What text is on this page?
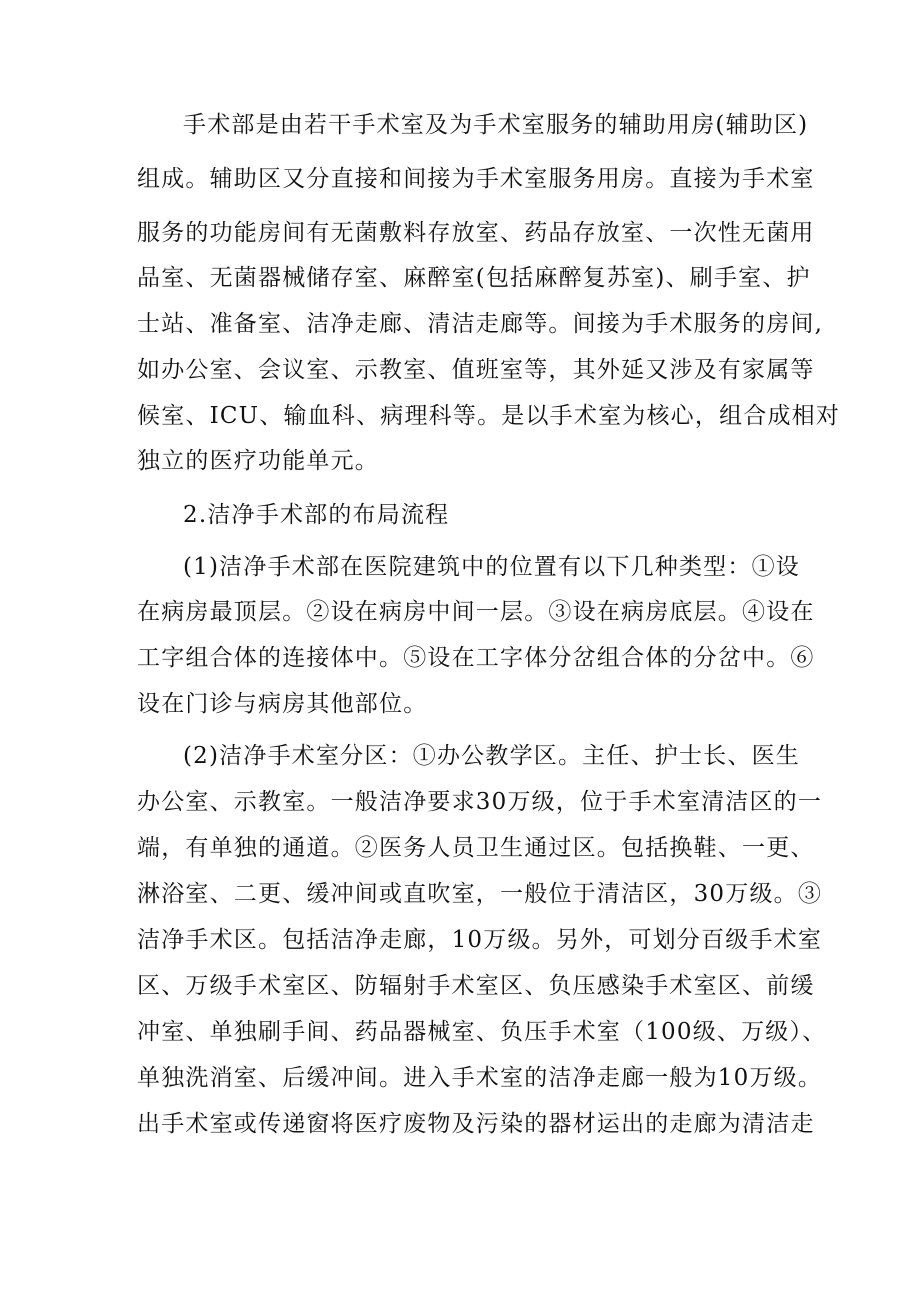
手术部是由若干手术室及为手术室服务的辅助用房(辅助区)
组成。辅助区又分直接和间接为手术室服务用房。直接为手术室
服务的功能房间有无菌敷料存放室、药品存放室、一次性无菌用
品室、无菌器械储存室、麻醉室(包括麻醉复苏室)、刷手室、护
士站、准备室、洁净走廊、清洁走廊等。间接为手术服务的房间,
如办公室、会议室、示教室、值班室等，其外延又涉及有家属等
候室、ICU、输血科、病理科等。是以手术室为核心，组合成相对
独立的医疗功能单元。
2.洁净手术部的布局流程
(1)洁净手术部在医院建筑中的位置有以下几种类型：①设
在病房最顶层。②设在病房中间一层。③设在病房底层。④设在
工字组合体的连接体中。⑤设在工字体分岔组合体的分岔中。⑥
设在门诊与病房其他部位。
(2)洁净手术室分区：①办公教学区。主任、护士长、医生
办公室、示教室。一般洁净要求30万级，位于手术室清洁区的一
端，有单独的通道。②医务人员卫生通过区。包括换鞋、一更、
淋浴室、二更、缓冲间或直吹室，一般位于清洁区，30万级。③
洁净手术区。包括洁净走廊，10万级。另外，可划分百级手术室
区、万级手术室区、防辐射手术室区、负压感染手术室区、前缓
冲室、单独刷手间、药品器械室、负压手术室（100级、万级）、
单独洗消室、后缓冲间。进入手术室的洁净走廊一般为10万级。
出手术室或传递窗将医疗废物及污染的器材运出的走廊为清洁走
